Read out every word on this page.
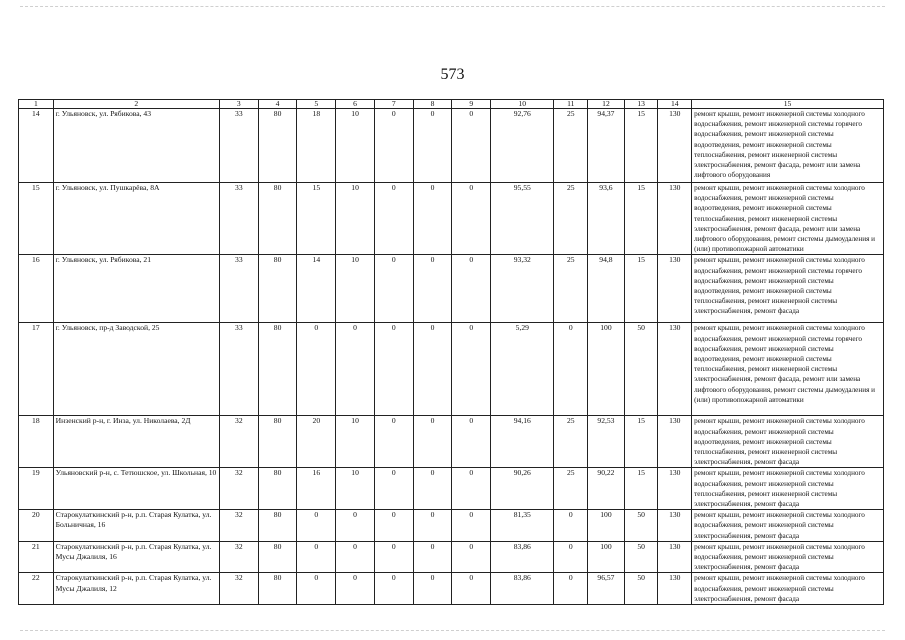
573
1	2	3	4	5	6	7	8	9	10	11	12	13	14	15
14	г. Ульяновск, ул. Рябикова, 43	33	80	18	10	0	0	0	92,76	25	94,37	15	130	ремонт крыши, ремонт инженерной системы холодного водоснабжения, ремонт инженерной системы горячего водоснабжения, ремонт инженерной системы водоотведения, ремонт инженерной системы теплоснабжения, ремонт инженерной системы электроснабжения, ремонт фасада, ремонт или замена лифтового оборудования
15	г. Ульяновск, ул. Пушкарёва, 8А	33	80	15	10	0	0	0	95,55	25	93,6	15	130	ремонт крыши, ремонт инженерной системы холодного водоснабжения, ремонт инженерной системы водоотведения, ремонт инженерной системы теплоснабжения, ремонт инженерной системы электроснабжения, ремонт фасада, ремонт или замена лифтового оборудования, ремонт системы дымоудаления и (или) противопожарной автоматики
16	г. Ульяновск, ул. Рябикова, 21	33	80	14	10	0	0	0	93,32	25	94,8	15	130	ремонт крыши, ремонт инженерной системы холодного водоснабжения, ремонт инженерной системы горячего водоснабжения, ремонт инженерной системы водоотведения, ремонт инженерной системы теплоснабжения, ремонт инженерной системы электроснабжения, ремонт фасада
17	г. Ульяновск, пр-д Заводской, 25	33	80	0	0	0	0	0	5,29	0	100	50	130	ремонт крыши, ремонт инженерной системы холодного водоснабжения, ремонт инженерной системы горячего водоснабжения, ремонт инженерной системы водоотведения, ремонт инженерной системы теплоснабжения, ремонт инженерной системы электроснабжения, ремонт фасада, ремонт или замена лифтового оборудования, ремонт системы дымоудаления и (или) противопожарной автоматики
18	Инзенский р-н, г. Инза, ул. Николаева, 2Д	32	80	20	10	0	0	0	94,16	25	92,53	15	130	ремонт крыши, ремонт инженерной системы холодного водоснабжения, ремонт инженерной системы водоотведения, ремонт инженерной системы теплоснабжения, ремонт инженерной системы электроснабжения, ремонт фасада
19	Ульяновский р-н, с. Тетюшское, ул. Школьная, 10	32	80	16	10	0	0	0	90,26	25	90,22	15	130	ремонт крыши, ремонт инженерной системы холодного водоснабжения, ремонт инженерной системы теплоснабжения, ремонт инженерной системы электроснабжения, ремонт фасада
20	Старокулаткинский р-н, р.п. Старая Кулатка, ул. Больничная, 16	32	80	0	0	0	0	0	81,35	0	100	50	130	ремонт крыши, ремонт инженерной системы холодного водоснабжения, ремонт инженерной системы электроснабжения, ремонт фасада
21	Старокулаткинский р-н, р.п. Старая Кулатка, ул. Мусы Джалиля, 16	32	80	0	0	0	0	0	83,86	0	100	50	130	ремонт крыши, ремонт инженерной системы холодного водоснабжения, ремонт инженерной системы электроснабжения, ремонт фасада
22	Старокулаткинский р-н, р.п. Старая Кулатка, ул. Мусы Джалиля, 12	32	80	0	0	0	0	0	83,86	0	96,57	50	130	ремонт крыши, ремонт инженерной системы холодного водоснабжения, ремонт инженерной системы электроснабжения, ремонт фасада
